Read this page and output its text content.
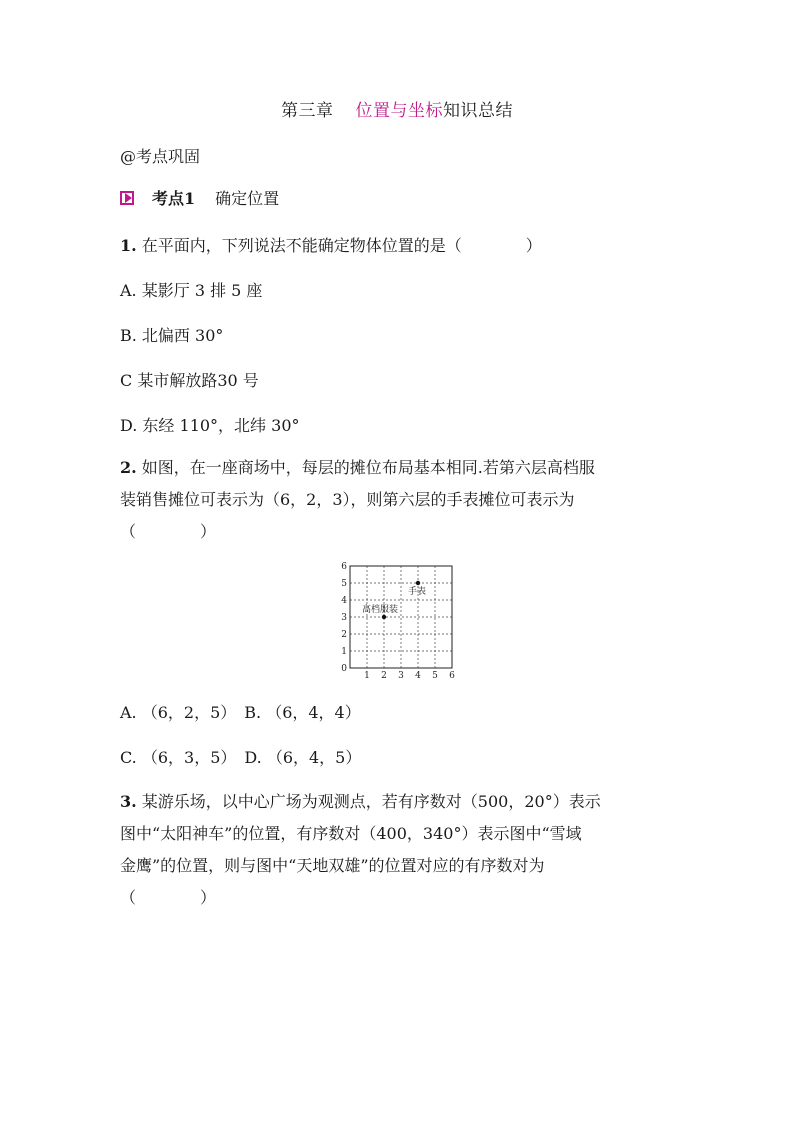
第三章 位置与坐标知识总结
@考点巩固
考点1 确定位置
1. 在平面内，下列说法不能确定物体位置的是（　　　　）
A. 某影厅 3 排 5 座
B. 北偏西 30°
C 某市解放路30 号
D. 东经 110°，北纬 30°
2. 如图，在一座商场中，每层的摊位布局基本相同.若第六层高档服
装销售摊位可表示为（6，2，3），则第六层的手表摊位可表示为
（　　　　）
1 2 3 4 5 6
0
1
2
3
4
5
6
高档服装
手表
A. （6，2，5）　B. （6，4，4）
C. （6，3，5）　D. （6，4，5）
3. 某游乐场，以中心广场为观测点，若有序数对（500，20°）表示
图中“太阳神车”的位置，有序数对（400，340°）表示图中“雪域
金鹰”的位置，则与图中“天地双雄”的位置对应的有序数对为
（　　　　）
